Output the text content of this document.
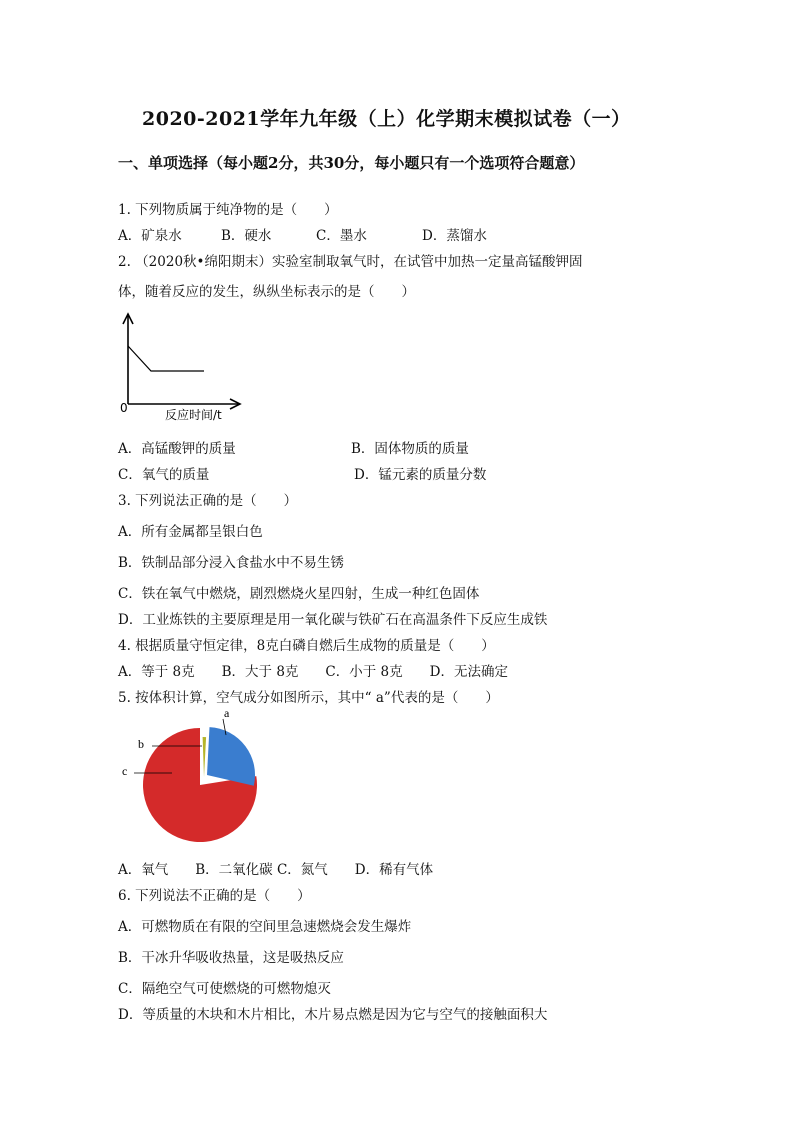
2020-2021学年九年级（上）化学期末模拟试卷（一）
一、单项选择（每小题2分，共30分，每小题只有一个选项符合题意）
1. 下列物质属于纯净物的是（　　）
A．矿泉水	B．硬水	C．墨水	D．蒸馏水
2. （2020秋•绵阳期末）实验室制取氧气时，在试管中加热一定量高锰酸钾固
体，随着反应的发生，纵纵坐标表示的是（　　）
0	反应时间/t
A．高锰酸钾的质量	B．固体物质的质量
C．氧气的质量	D．锰元素的质量分数
3. 下列说法正确的是（　　）
A．所有金属都呈银白色
B．铁制品部分浸入食盐水中不易生锈
C．铁在氧气中燃烧，剧烈燃烧火星四射，生成一种红色固体
D．工业炼铁的主要原理是用一氧化碳与铁矿石在高温条件下反应生成铁
4. 根据质量守恒定律，8克白磷自燃后生成物的质量是（　　）
A．等于 8克　　B．大于 8克　　C．小于 8克　　D．无法确定
5. 按体积计算，空气成分如图所示，其中“ a”代表的是（　　）
a
b
c
A．氧气　　B．二氧化碳 C．氮气　　D．稀有气体
6. 下列说法不正确的是（　　）
A．可燃物质在有限的空间里急速燃烧会发生爆炸
B．干冰升华吸收热量，这是吸热反应
C．隔绝空气可使燃烧的可燃物熄灭
D．等质量的木块和木片相比，木片易点燃是因为它与空气的接触面积大
